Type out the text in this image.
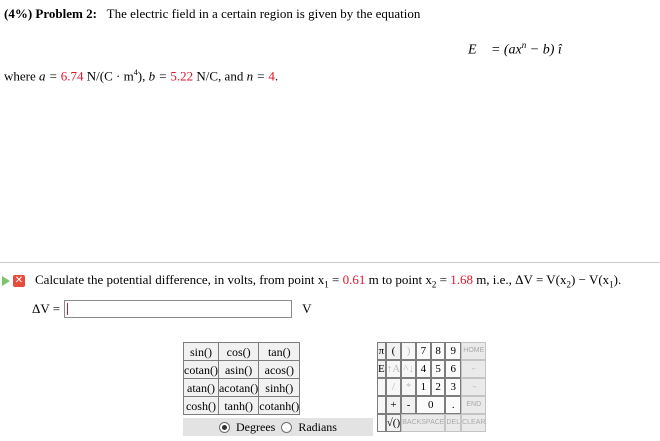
(4%) Problem 2: The electric field in a certain region is given by the equation
E⃗ = $(ax^n - b)$ î
where a = 6.74 $N/(C \cdot m^4)$, b = 5.22 N/C, and n = 4.
✕ Calculate the potential difference, in volts, from point $x_1 = 0.61$ m to point $x_2 = 1.68$ m, i.e., $\Delta V = V(x_2) - V(x_1)$.
ΔV =	V
sin()	cos()	tan()
cotan()	asin()	acos()
atan()	acotan()	sinh()
cosh()	tanh()	cotanh()
Degrees Radians
π	(	)	7	8	9	HOME
E	↑A	^↓	4	5	6	←
	/	*	1	2	3	→
	+	-	0		.	END
	√()	BACKSPACE			DEL	CLEAR
